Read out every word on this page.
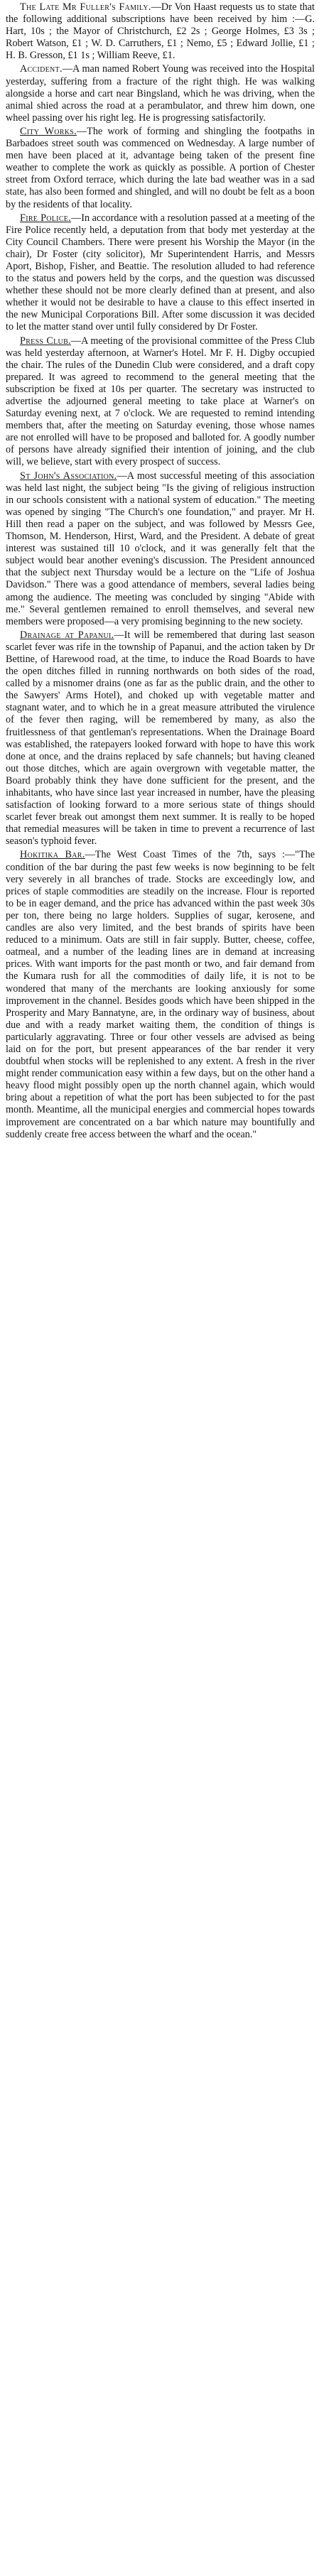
The Late Mr Fuller's Family.—Dr Von Haast requests us to state that the following additional subscriptions have been received by him :—G. Hart, 10s ; the Mayor of Christchurch, £2 2s ; George Holmes, £3 3s ; Robert Watson, £1 ; W. D. Carruthers, £1 ; Nemo, £5 ; Edward Jollie, £1 ; H. B. Gresson, £1 1s ; William Reeve, £1.

Accident.—A man named Robert Young was received into the Hospital yesterday, suffering from a fracture of the right thigh. He was walking alongside a horse and cart near Bingsland, which he was driving, when the animal shied across the road at a perambulator, and threw him down, one wheel passing over his right leg. He is progressing satisfactorily.

City Works.—The work of forming and shingling the footpaths in Barbadoes street south was commenced on Wednesday. A large number of men have been placed at it, advantage being taken of the present fine weather to complete the work as quickly as possible. A portion of Chester street from Oxford terrace, which during the late bad weather was in a sad state, has also been formed and shingled, and will no doubt be felt as a boon by the residents of that locality.

Fire Police.—In accordance with a resolution passed at a meeting of the Fire Police recently held, a deputation from that body met yesterday at the City Council Chambers. There were present his Worship the Mayor (in the chair), Dr Foster (city solicitor), Mr Superintendent Harris, and Messrs Aport, Bishop, Fisher, and Beattie. The resolution alluded to had reference to the status and powers held by the corps, and the question was discussed whether these should not be more clearly defined than at present, and also whether it would not be desirable to have a clause to this effect inserted in the new Municipal Corporations Bill. After some discussion it was decided to let the matter stand over until fully considered by Dr Foster.

Press Club.—A meeting of the provisional committee of the Press Club was held yesterday afternoon, at Warner's Hotel. Mr F. H. Digby occupied the chair. The rules of the Dunedin Club were considered, and a draft copy prepared. It was agreed to recommend to the general meeting that the subscription be fixed at 10s per quarter. The secretary was instructed to advertise the adjourned general meeting to take place at Warner's on Saturday evening next, at 7 o'clock. We are requested to remind intending members that, after the meeting on Saturday evening, those whose names are not enrolled will have to be proposed and balloted for. A goodly number of persons have already signified their intention of joining, and the club will, we believe, start with every prospect of success.

St John's Association.—A most successful meeting of this association was held last night, the subject being "Is the giving of religious instruction in our schools consistent with a national system of education." The meeting was opened by singing "The Church's one foundation," and prayer. Mr H. Hill then read a paper on the subject, and was followed by Messrs Gee, Thomson, M. Henderson, Hirst, Ward, and the President. A debate of great interest was sustained till 10 o'clock, and it was generally felt that the subject would bear another evening's discussion. The President announced that the subject next Thursday would be a lecture on the "Life of Joshua Davidson." There was a good attendance of members, several ladies being among the audience. The meeting was concluded by singing "Abide with me." Several gentlemen remained to enroll themselves, and several new members were proposed—a very promising beginning to the new society.

Drainage at Papanui.—It will be remembered that during last season scarlet fever was rife in the township of Papanui, and the action taken by Dr Bettine, of Harewood road, at the time, to induce the Road Boards to have the open ditches filled in running northwards on both sides of the road, called by a misnomer drains (one as far as the public drain, and the other to the Sawyers' Arms Hotel), and choked up with vegetable matter and stagnant water, and to which he in a great measure attributed the virulence of the fever then raging, will be remembered by many, as also the fruitlessness of that gentleman's representations. When the Drainage Board was established, the ratepayers looked forward with hope to have this work done at once, and the drains replaced by safe channels; but having cleaned out those ditches, which are again overgrown with vegetable matter, the Board probably think they have done sufficient for the present, and the inhabitants, who have since last year increased in number, have the pleasing satisfaction of looking forward to a more serious state of things should scarlet fever break out amongst them next summer. It is really to be hoped that remedial measures will be taken in time to prevent a recurrence of last season's typhoid fever.

Hokitika Bar.—The West Coast Times of the 7th, says :—"The condition of the bar during the past few weeks is now beginning to be felt very severely in all branches of trade. Stocks are exceedingly low, and prices of staple commodities are steadily on the increase. Flour is reported to be in eager demand, and the price has advanced within the past week 30s per ton, there being no large holders. Supplies of sugar, kerosene, and candles are also very limited, and the best brands of spirits have been reduced to a minimum. Oats are still in fair supply. Butter, cheese, coffee, oatmeal, and a number of the leading lines are in demand at increasing prices. With want imports for the past month or two, and fair demand from the Kumara rush for all the commodities of daily life, it is not to be wondered that many of the merchants are looking anxiously for some improvement in the channel. Besides goods which have been shipped in the Prosperity and Mary Bannatyne, are, in the ordinary way of business, about due and with a ready market waiting them, the condition of things is particularly aggravating. Three or four other vessels are advised as being laid on for the port, but present appearances of the bar render it very doubtful when stocks will be replenished to any extent. A fresh in the river might render communication easy within a few days, but on the other hand a heavy flood might possibly open up the north channel again, which would bring about a repetition of what the port has been subjected to for the past month. Meantime, all the municipal energies and commercial hopes towards improvement are concentrated on a bar which nature may bountifully and suddenly create free access between the wharf and the ocean."
